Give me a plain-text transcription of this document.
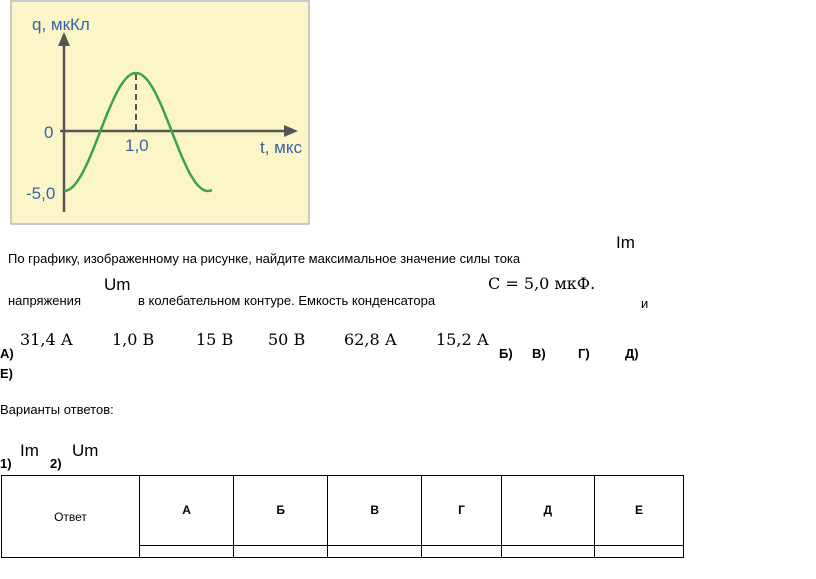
q, мкКл
0
1,0	t, мкс
-5,0
По графику, изображенному на рисунке, найдите максимальное значение силы тока
Im
напряжения
Um
в колебательном контуре. Емкость конденсатора
C = 5,0 мкФ.
и
31,4 А 1,0 В	15 В 50 В 62,8 А 15,2 А
А)	Б) В) Г)	Д)
Е)
Варианты ответов:
1)
Im
2)
Um
Ответ	А	Б	В	Г	Д	Е
